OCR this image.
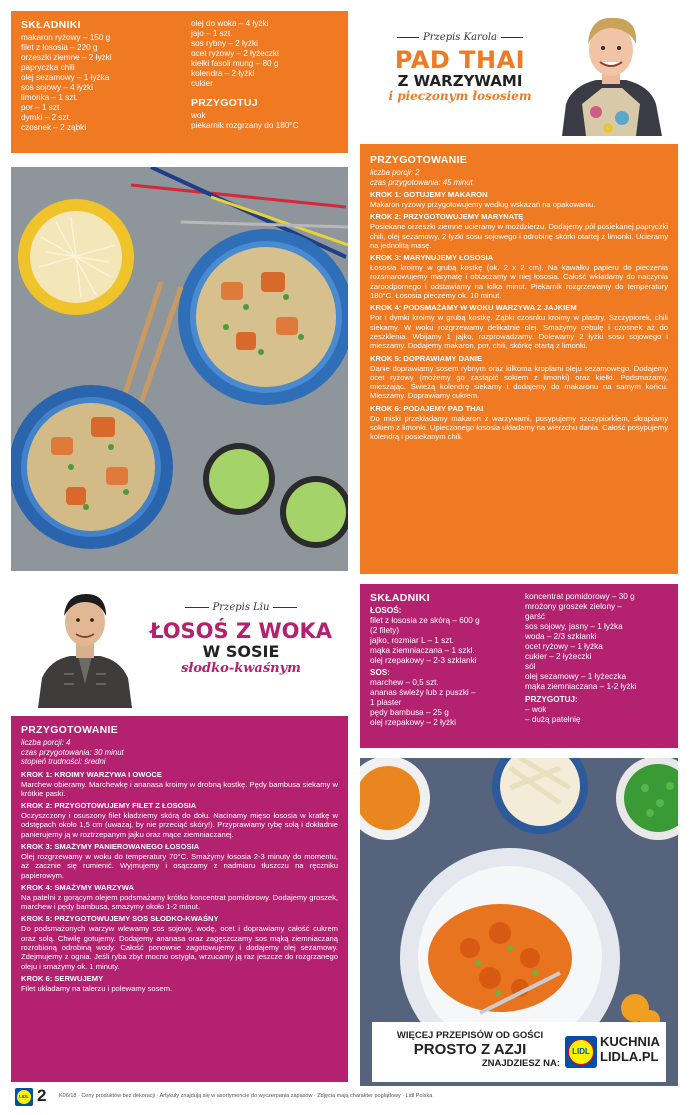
SKŁADNIKI
makaron ryżowy – 150 g
filet z łososia – 220 g
orzeszki ziemne – 2 łyżki
papryczka chili
olej sezamowy – 1 łyżka
sos sojowy – 4 łyżki
limonka – 1 szt.
por – 1 szt.
dymki – 2 szt.
czosnek – 2 ząbki
olej do woka – 4 łyżki
jajo – 1 szt.
sos rybny – 2 łyżki
ocet ryżowy – 2 łyżeczki
kiełki fasoli mung – 80 g
kolendra – 2 łyżki
cukier
PRZYGOTUJ
wok
piekarnik rozgrzany do 180°C
Przepis Karola
PAD THAI
Z WARZYWAMI
i pieczonym łososiem
PRZYGOTOWANIE
liczba porcji: 2
czas przygotowania: 45 minut
KROK 1: GOTUJEMY MAKARON
Makaron ryżowy przygotowujemy według wskazań na opakowaniu.
KROK 2: PRZYGOTOWUJEMY MARYNATĘ
Posiekane orzeszki ziemne ucieramy w moździerzu. Dodajemy pół posiekanej papryczki chili, olej sezamowy, 2 łyżki sosu sojowego i odrobinę skórki otartej z limonki. Ucieramy na jednolitą masę.
KROK 3: MARYNUJEMY ŁOSOSIA
Łososia kroimy w grubą kostkę (ok. 2 x 2 cm). Na kawałku papieru do pieczenia rozsmarowujemy marynatę i obtaczamy w niej łososia. Całość wkładamy do naczynia żaroodpornego i odstawiamy na kilka minut. Piekarnik rozgrzewamy do temperatury 180°C. Łososia pieczemy ok. 10 minut.
KROK 4: PODSMAŻAMY W WOKU WARZYWA Z JAJKIEM
Por i dymki kroimy w grubą kostkę. Ząbki czosnku kroimy w plastry. Szczypiorek, chili siekamy. W woku rozgrzewamy delikatnie olej. Smażymy cebulę i czosnek aż do zeszklenia. Wbijamy 1 jajko, rozprowadzamy. Dolewamy 2 łyżki sosu sojowego i mieszamy. Dodajemy makaron, por, chili, skórkę otartą z limonki.
KROK 5: DOPRAWIAMY DANIE
Danie doprawiamy sosem rybnym oraz kilkoma kroplami oleju sezamowego. Dodajemy ocet ryżowy (możemy go zastąpić sokiem z limonki) oraz kiełki. Podsmażamy, mieszając. Świeżą kolendrę siekamy i dodajemy do makaronu na samym końcu. Mieszamy. Doprawiamy cukrem.
KROK 6: PODAJEMY PAD THAI
Do miski przekładamy makaron z warzywami, posypujemy szczypiorkiem, skrapiamy sokiem z limonki. Upieczonego łososia układamy na wierzchu dania. Całość posypujemy kolendrą i posiekanym chili.
Przepis Liu
ŁOSOŚ Z WOKA
W SOSIE
słodko-kwaśnym
PRZYGOTOWANIE
liczba porcji: 4
czas przygotowania: 30 minut
stopień trudności: średni
KROK 1: KROIMY WARZYWA I OWOCE
Marchew obieramy. Marchewkę i ananasa kroimy w drobną kostkę. Pędy bambusa siekamy w krótkie paski.
KROK 2: PRZYGOTOWUJEMY FILET Z ŁOSOSIA
Oczyszczony i osuszony filet kładziemy skórą do dołu. Nacinamy mięso łososia w kratkę w odstępach około 1,5 cm (uważaj, by nie przeciąć skóry!). Przyprawiamy rybę solą i dokładnie panierujemy ją w roztrzepanym jajku oraz mące ziemniaczanej.
KROK 3: SMAŻYMY PANIEROWANEGO ŁOSOSIA
Olej rozgrzewamy w woku do temperatury 70°C. Smażymy łososia 2-3 minuty do momentu, aż zacznie się rumienić. Wyjmujemy i osączamy z nadmiaru tłuszczu na ręczniku papierowym.
KROK 4: SMAŻYMY WARZYWA
Na patelni z gorącym olejem podsmażamy krótko koncentrat pomidorowy. Dodajemy groszek, marchew i pędy bambusa, smażymy około 1-2 minut.
KROK 5: PRZYGOTOWUJEMY SOS SŁODKO-KWAŚNY
Do podsmażonych warzyw wlewamy sos sojowy, wodę, ocet i doprawiamy całość cukrem oraz solą. Chwilę gotujemy. Dodajemy ananasa oraz zagęszczamy sos mąką ziemniaczaną rozrobioną odrobiną wody. Całość ponownie zagotowujemy i dodajemy olej sezamowy. Zdejmujemy z ognia. Jeśli ryba zbyt mocno ostygła, wrzucamy ją raz jeszcze do rozgrzanego oleju i smażymy ok. 1 minuty.
KROK 6: SERWUJEMY
Filet układamy na talerzu i polewamy sosem.
SKŁADNIKI
ŁOSOŚ:
filet z łososia ze skórą – 600 g
(2 filety)
jajko, rozmiar L – 1 szt.
mąka ziemniaczana – 1 szkl.
olej rzepakowy – 2-3 szklanki
SOS:
marchew – 0,5 szt.
ananas świeży lub z puszki –
1 plaster
pędy bambusa – 25 g
olej rzepakowy – 2 łyżki
koncentrat pomidorowy – 30 g
mrożony groszek zielony –
garść
sos sojowy, jasny – 1 łyżka
woda – 2/3 szklanki
ocet ryżowy – 1 łyżka
cukier – 2 łyżeczki
sól
olej sezamowy – 1 łyżeczka
mąka ziemniaczana – 1-2 łyżki
PRZYGOTUJ:
– wok
– dużą patelnię
WIĘCEJ PRZEPISÓW OD GOŚCI
PROSTO Z AZJI
ZNAJDZIESZ NA:
LIDL
KUCHNIA
LIDLA.PL
LIDL 2 K06/18 · Ceny produktów bez dekoracji · Artykuły znajdują się w asortymencie do wyczerpania zapasów · Zdjęcia mają charakter poglądowy · Lidl Polska
